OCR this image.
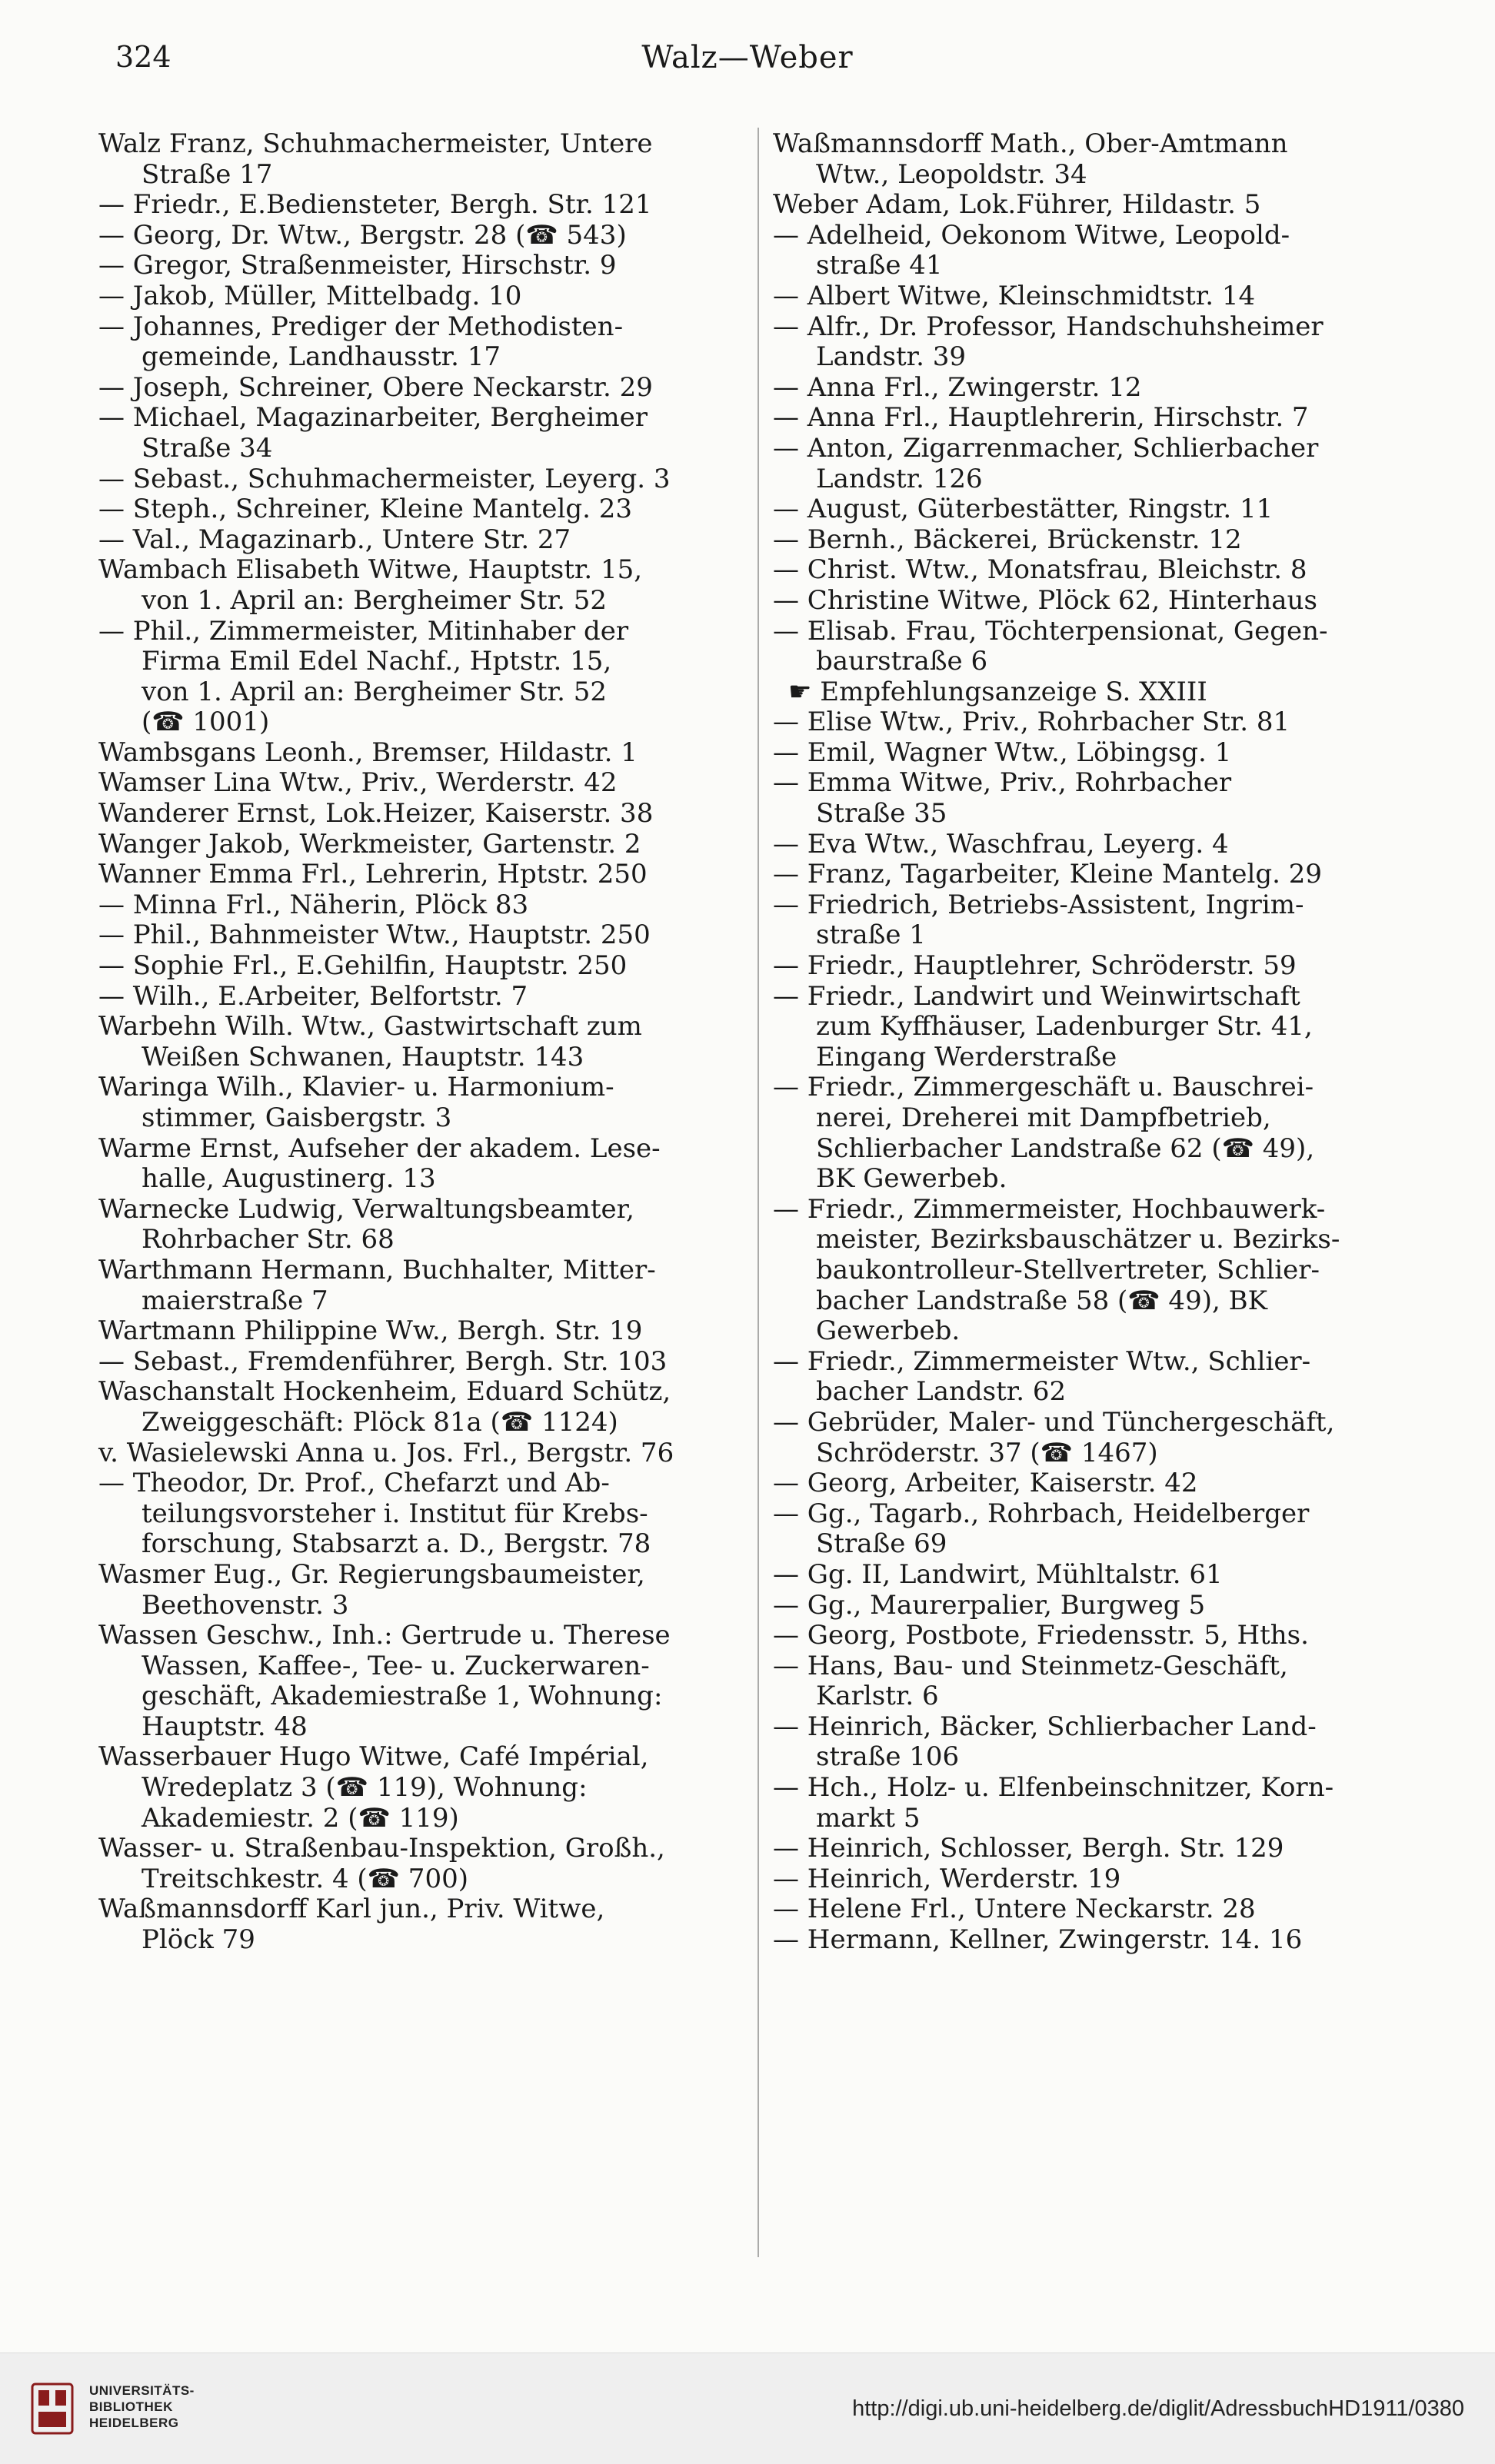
324	Walz—Weber
Walz Franz, Schuhmachermeister, Untere
Straße 17
— Friedr., E.Bediensteter, Bergh. Str. 121
— Georg, Dr. Wtw., Bergstr. 28 (☎ 543)
— Gregor, Straßenmeister, Hirschstr. 9
— Jakob, Müller, Mittelbadg. 10
— Johannes, Prediger der Methodisten-
gemeinde, Landhausstr. 17
— Joseph, Schreiner, Obere Neckarstr. 29
— Michael, Magazinarbeiter, Bergheimer
Straße 34
— Sebast., Schuhmachermeister, Leyerg. 3
— Steph., Schreiner, Kleine Mantelg. 23
— Val., Magazinarb., Untere Str. 27
Wambach Elisabeth Witwe, Hauptstr. 15,
von 1. April an: Bergheimer Str. 52
— Phil., Zimmermeister, Mitinhaber der
Firma Emil Edel Nachf., Hptstr. 15,
von 1. April an: Bergheimer Str. 52
(☎ 1001)
Wambsgans Leonh., Bremser, Hildastr. 1
Wamser Lina Wtw., Priv., Werderstr. 42
Wanderer Ernst, Lok.Heizer, Kaiserstr. 38
Wanger Jakob, Werkmeister, Gartenstr. 2
Wanner Emma Frl., Lehrerin, Hptstr. 250
— Minna Frl., Näherin, Plöck 83
— Phil., Bahnmeister Wtw., Hauptstr. 250
— Sophie Frl., E.Gehilfin, Hauptstr. 250
— Wilh., E.Arbeiter, Belfortstr. 7
Warbehn Wilh. Wtw., Gastwirtschaft zum
Weißen Schwanen, Hauptstr. 143
Waringa Wilh., Klavier- u. Harmonium-
stimmer, Gaisbergstr. 3
Warme Ernst, Aufseher der akadem. Lese-
halle, Augustinerg. 13
Warnecke Ludwig, Verwaltungsbeamter,
Rohrbacher Str. 68
Warthmann Hermann, Buchhalter, Mitter-
maierstraße 7
Wartmann Philippine Ww., Bergh. Str. 19
— Sebast., Fremdenführer, Bergh. Str. 103
Waschanstalt Hockenheim, Eduard Schütz,
Zweiggeschäft: Plöck 81a (☎ 1124)
v. Wasielewski Anna u. Jos. Frl., Bergstr. 76
— Theodor, Dr. Prof., Chefarzt und Ab-
teilungsvorsteher i. Institut für Krebs-
forschung, Stabsarzt a. D., Bergstr. 78
Wasmer Eug., Gr. Regierungsbaumeister,
Beethovenstr. 3
Wassen Geschw., Inh.: Gertrude u. Therese
Wassen, Kaffee-, Tee- u. Zuckerwaren-
geschäft, Akademiestraße 1, Wohnung:
Hauptstr. 48
Wasserbauer Hugo Witwe, Café Impérial,
Wredeplatz 3 (☎ 119), Wohnung:
Akademiestr. 2 (☎ 119)
Wasser- u. Straßenbau-Inspektion, Großh.,
Treitschkestr. 4 (☎ 700)
Waßmannsdorff Karl jun., Priv. Witwe,
Plöck 79
Waßmannsdorff Math., Ober-Amtmann
Wtw., Leopoldstr. 34
Weber Adam, Lok.Führer, Hildastr. 5
— Adelheid, Oekonom Witwe, Leopold-
straße 41
— Albert Witwe, Kleinschmidtstr. 14
— Alfr., Dr. Professor, Handschuhsheimer
Landstr. 39
— Anna Frl., Zwingerstr. 12
— Anna Frl., Hauptlehrerin, Hirschstr. 7
— Anton, Zigarrenmacher, Schlierbacher
Landstr. 126
— August, Güterbestätter, Ringstr. 11
— Bernh., Bäckerei, Brückenstr. 12
— Christ. Wtw., Monatsfrau, Bleichstr. 8
— Christine Witwe, Plöck 62, Hinterhaus
— Elisab. Frau, Töchterpensionat, Gegen-
baurstraße 6
☛ Empfehlungsanzeige S. XXIII
— Elise Wtw., Priv., Rohrbacher Str. 81
— Emil, Wagner Wtw., Löbingsg. 1
— Emma Witwe, Priv., Rohrbacher
Straße 35
— Eva Wtw., Waschfrau, Leyerg. 4
— Franz, Tagarbeiter, Kleine Mantelg. 29
— Friedrich, Betriebs-Assistent, Ingrim-
straße 1
— Friedr., Hauptlehrer, Schröderstr. 59
— Friedr., Landwirt und Weinwirtschaft
zum Kyffhäuser, Ladenburger Str. 41,
Eingang Werderstraße
— Friedr., Zimmergeschäft u. Bauschrei-
nerei, Dreherei mit Dampfbetrieb,
Schlierbacher Landstraße 62 (☎ 49),
BK Gewerbeb.
— Friedr., Zimmermeister, Hochbauwerk-
meister, Bezirksbauschätzer u. Bezirks-
baukontrolleur-Stellvertreter, Schlier-
bacher Landstraße 58 (☎ 49), BK
Gewerbeb.
— Friedr., Zimmermeister Wtw., Schlier-
bacher Landstr. 62
— Gebrüder, Maler- und Tünchergeschäft,
Schröderstr. 37 (☎ 1467)
— Georg, Arbeiter, Kaiserstr. 42
— Gg., Tagarb., Rohrbach, Heidelberger
Straße 69
— Gg. II, Landwirt, Mühltalstr. 61
— Gg., Maurerpalier, Burgweg 5
— Georg, Postbote, Friedensstr. 5, Hths.
— Hans, Bau- und Steinmetz-Geschäft,
Karlstr. 6
— Heinrich, Bäcker, Schlierbacher Land-
straße 106
— Hch., Holz- u. Elfenbeinschnitzer, Korn-
markt 5
— Heinrich, Schlosser, Bergh. Str. 129
— Heinrich, Werderstr. 19
— Helene Frl., Untere Neckarstr. 28
— Hermann, Kellner, Zwingerstr. 14. 16
UNIVERSITÄTS-
BIBLIOTHEK
HEIDELBERG
http://digi.ub.uni-heidelberg.de/diglit/AdressbuchHD1911/0380
